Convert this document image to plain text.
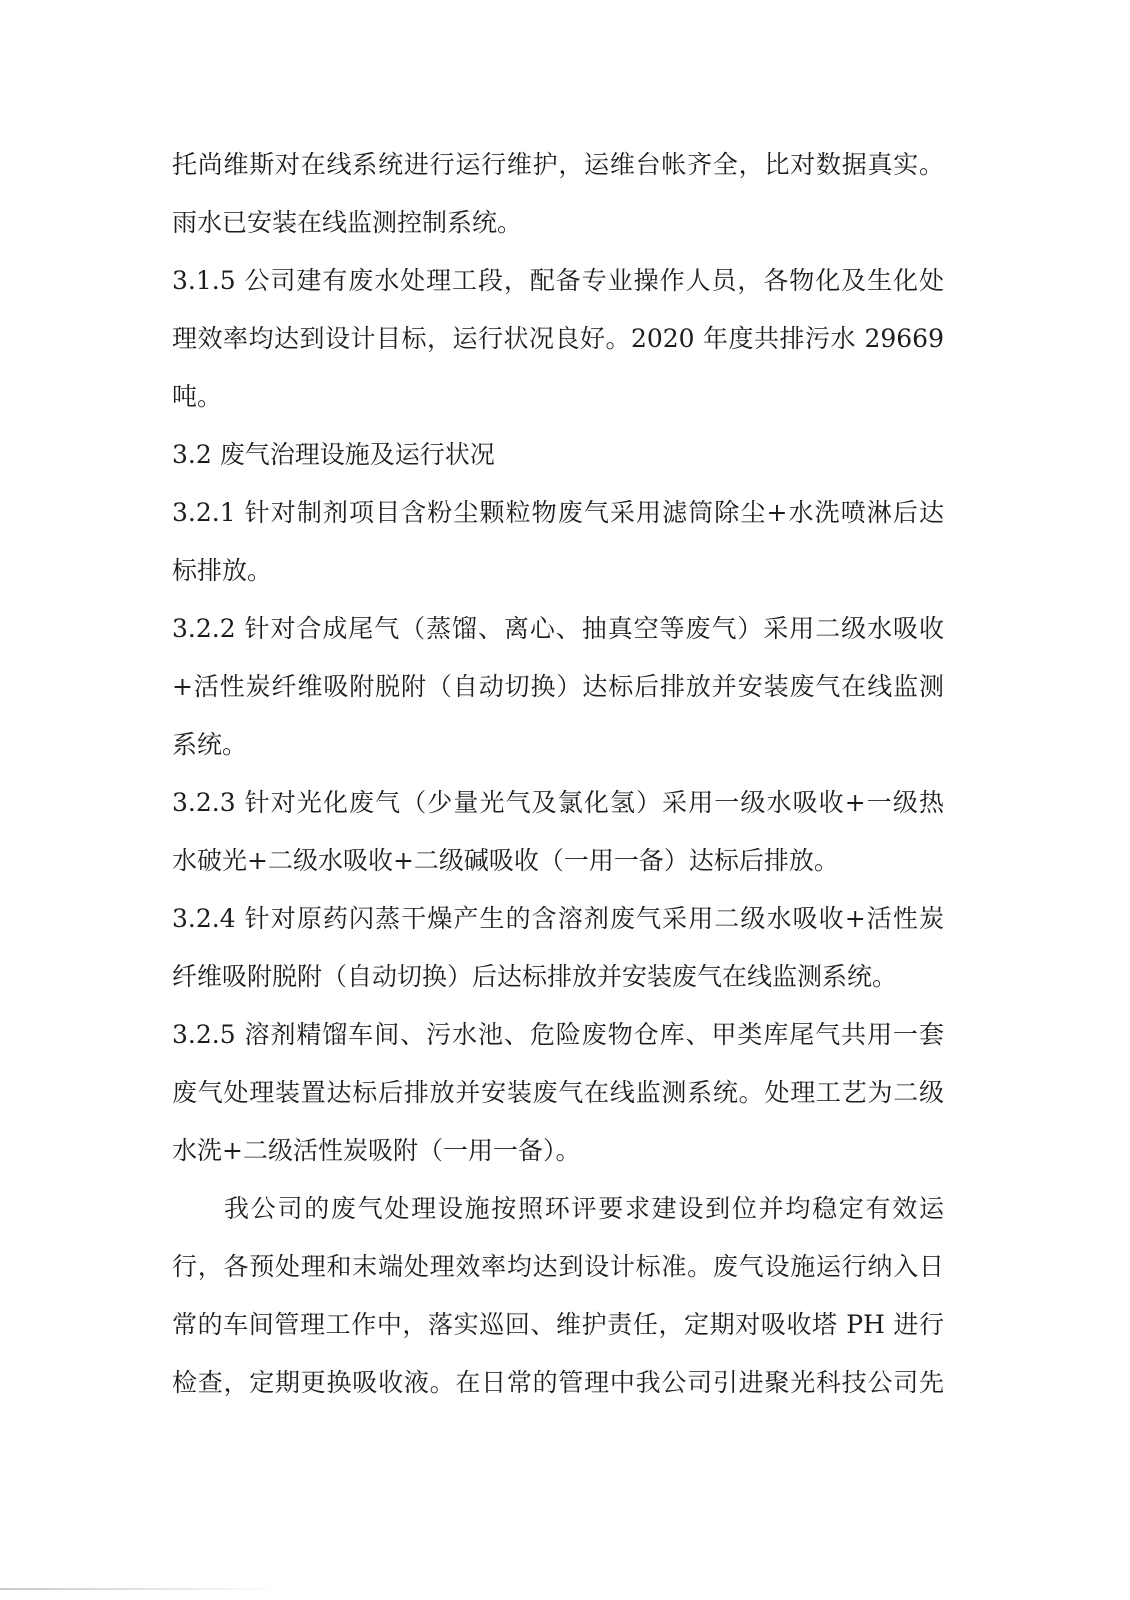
托尚维斯对在线系统进行运行维护，运维台帐齐全，比对数据真实。
雨水已安装在线监测控制系统。
3.1.5 公司建有废水处理工段，配备专业操作人员，各物化及生化处
理效率均达到设计目标，运行状况良好。2020 年度共排污水 29669
吨。
3.2 废气治理设施及运行状况
3.2.1 针对制剂项目含粉尘颗粒物废气采用滤筒除尘+水洗喷淋后达
标排放。
3.2.2 针对合成尾气（蒸馏、离心、抽真空等废气）采用二级水吸收
+活性炭纤维吸附脱附（自动切换）达标后排放并安装废气在线监测
系统。
3.2.3 针对光化废气（少量光气及氯化氢）采用一级水吸收+一级热
水破光+二级水吸收+二级碱吸收（一用一备）达标后排放。
3.2.4 针对原药闪蒸干燥产生的含溶剂废气采用二级水吸收+活性炭
纤维吸附脱附（自动切换）后达标排放并安装废气在线监测系统。
3.2.5 溶剂精馏车间、污水池、危险废物仓库、甲类库尾气共用一套
废气处理装置达标后排放并安装废气在线监测系统。处理工艺为二级
水洗+二级活性炭吸附（一用一备）。
我公司的废气处理设施按照环评要求建设到位并均稳定有效运
行，各预处理和末端处理效率均达到设计标准。废气设施运行纳入日
常的车间管理工作中，落实巡回、维护责任，定期对吸收塔 PH 进行
检查，定期更换吸收液。在日常的管理中我公司引进聚光科技公司先
